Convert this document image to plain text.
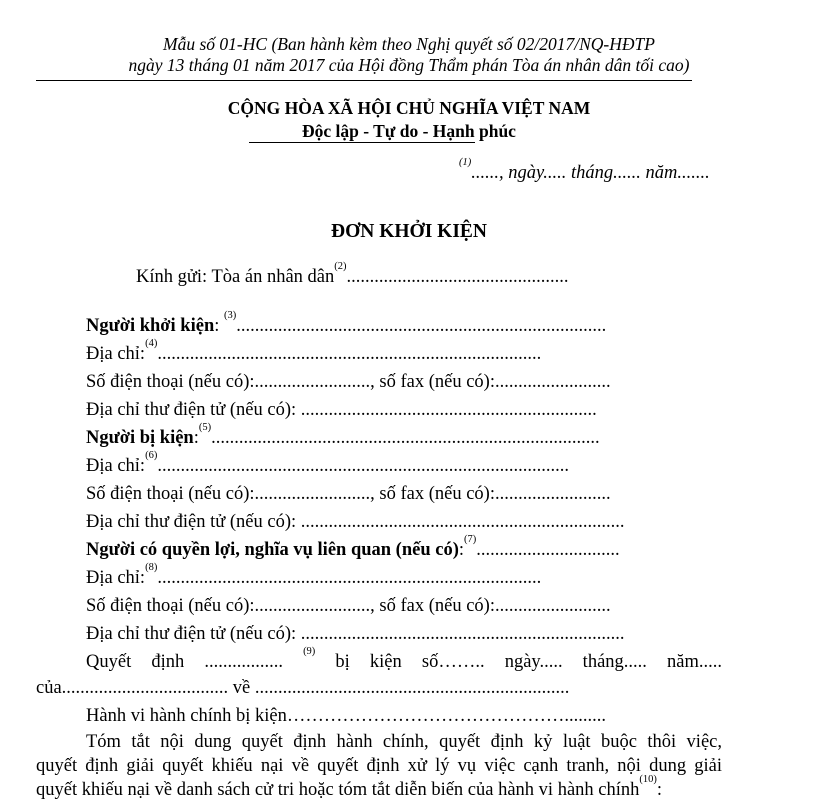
Mẫu số 01-HC (Ban hành kèm theo Nghị quyết số 02/2017/NQ-HĐTP
ngày 13 tháng 01 năm 2017 của Hội đồng Thẩm phán Tòa án nhân dân tối cao)
CỘNG HÒA XÃ HỘI CHỦ NGHĨA VIỆT NAM
Độc lập - Tự do - Hạnh phúc
$^{(1)}$......, ngày..... tháng...... năm.......
ĐƠN KHỞI KIỆN
Kính gửi: Tòa án nhân dân$^{(2)}$................................................
Người khởi kiện: $^{(3)}$................................................................................
Địa chỉ:$^{(4)}$...................................................................................
Số điện thoại (nếu có):........................., số fax (nếu có):.........................
Địa chỉ thư điện tử (nếu có): ................................................................
Người bị kiện:$^{(5)}$....................................................................................
Địa chỉ:$^{(6)}$.........................................................................................
Số điện thoại (nếu có):........................., số fax (nếu có):.........................
Địa chỉ thư điện tử (nếu có): ......................................................................
Người có quyền lợi, nghĩa vụ liên quan (nếu có):$^{(7)}$...............................
Địa chỉ:$^{(8)}$...................................................................................
Số điện thoại (nếu có):........................., số fax (nếu có):.........................
Địa chỉ thư điện tử (nếu có): ......................................................................
Quyết định ................. $^{(9)}$ bị kiện số…….. ngày..... tháng..... năm.....
của.................................... về ....................................................................
Hành vi hành chính bị kiện……………………………………….........
Tóm tắt nội dung quyết định hành chính, quyết định kỷ luật buộc thôi việc,
quyết định giải quyết khiếu nại về quyết định xử lý vụ việc cạnh tranh, nội dung giải
quyết khiếu nại về danh sách cử tri hoặc tóm tắt diễn biến của hành vi hành chính$^{(10)}$:
